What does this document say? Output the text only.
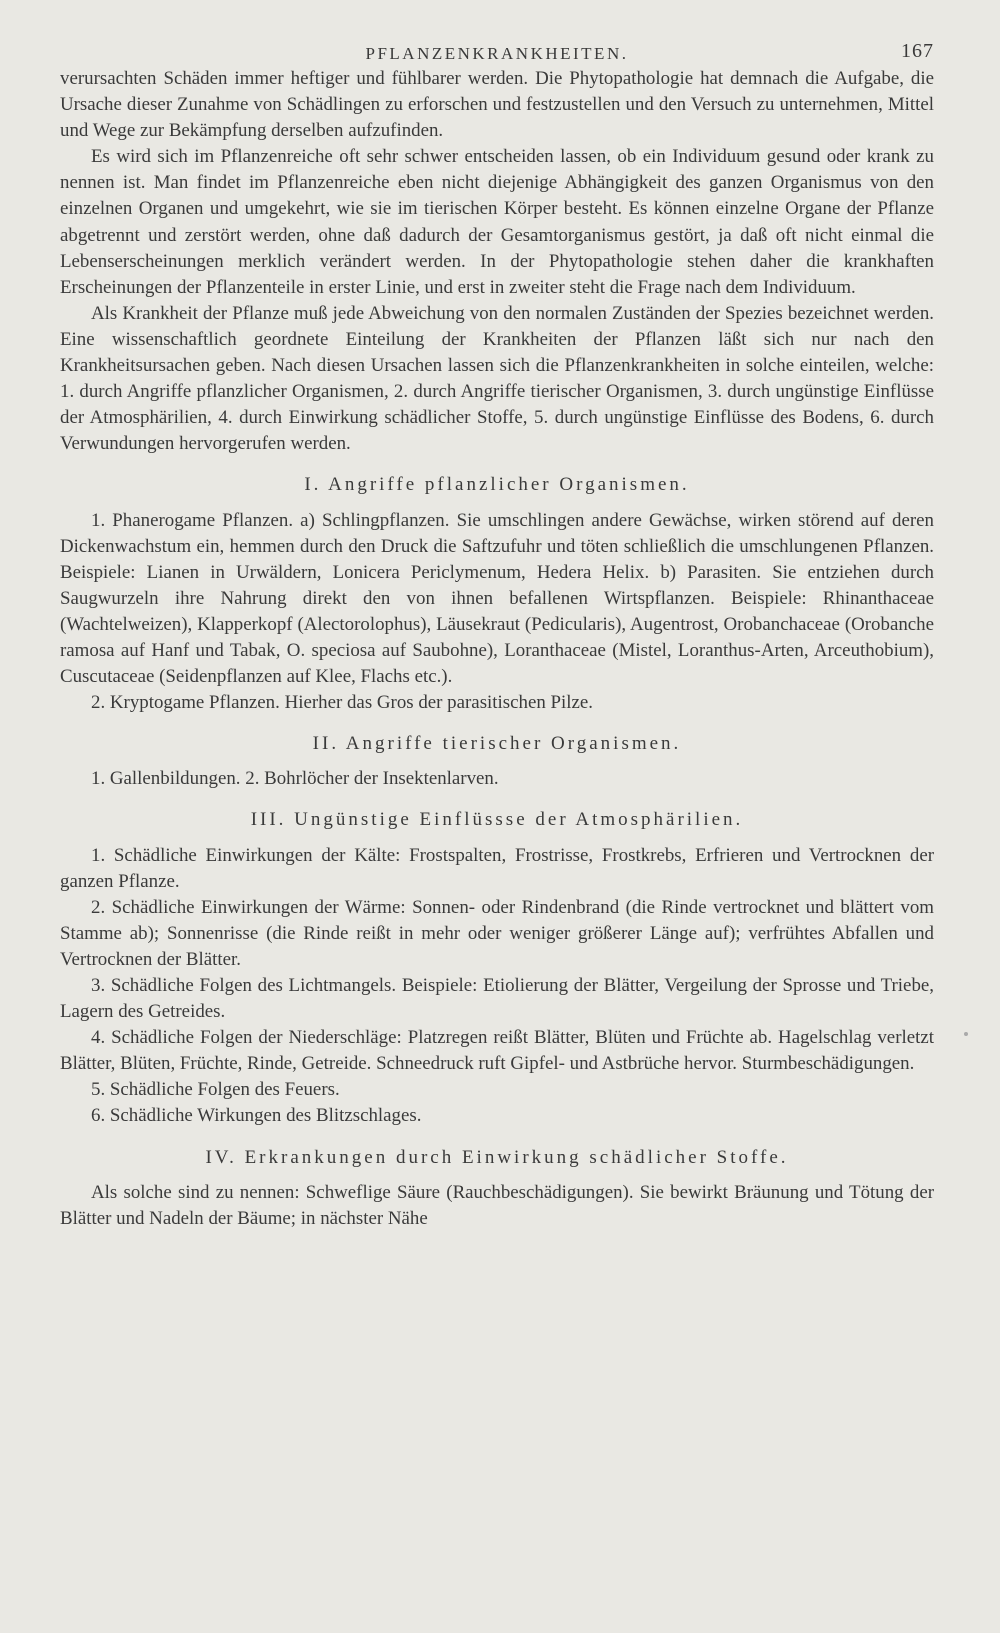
PFLANZENKRANKHEITEN.	167

verursachten Schäden immer heftiger und fühlbarer werden. Die Phytopathologie hat demnach die Aufgabe, die Ursache dieser Zunahme von Schädlingen zu erforschen und festzustellen und den Versuch zu unternehmen, Mittel und Wege zur Bekämpfung derselben aufzufinden.

Es wird sich im Pflanzenreiche oft sehr schwer entscheiden lassen, ob ein Individuum gesund oder krank zu nennen ist. Man findet im Pflanzenreiche eben nicht diejenige Abhängigkeit des ganzen Organismus von den einzelnen Organen und umgekehrt, wie sie im tierischen Körper besteht. Es können einzelne Organe der Pflanze abgetrennt und zerstört werden, ohne daß dadurch der Gesamtorganismus gestört, ja daß oft nicht einmal die Lebenserscheinungen merklich verändert werden. In der Phytopathologie stehen daher die krankhaften Erscheinungen der Pflanzenteile in erster Linie, und erst in zweiter steht die Frage nach dem Individuum.

Als Krankheit der Pflanze muß jede Abweichung von den normalen Zuständen der Spezies bezeichnet werden. Eine wissenschaftlich geordnete Einteilung der Krankheiten der Pflanzen läßt sich nur nach den Krankheitsursachen geben. Nach diesen Ursachen lassen sich die Pflanzenkrankheiten in solche einteilen, welche: 1. durch Angriffe pflanzlicher Organismen, 2. durch Angriffe tierischer Organismen, 3. durch ungünstige Einflüsse der Atmosphärilien, 4. durch Einwirkung schädlicher Stoffe, 5. durch ungünstige Einflüsse des Bodens, 6. durch Verwundungen hervorgerufen werden.

I. Angriffe pflanzlicher Organismen.

1. Phanerogame Pflanzen. a) Schlingpflanzen. Sie umschlingen andere Gewächse, wirken störend auf deren Dickenwachstum ein, hemmen durch den Druck die Saftzufuhr und töten schließlich die umschlungenen Pflanzen. Beispiele: Lianen in Urwäldern, Lonicera Periclymenum, Hedera Helix. b) Parasiten. Sie entziehen durch Saugwurzeln ihre Nahrung direkt den von ihnen befallenen Wirtspflanzen. Beispiele: Rhinanthaceae (Wachtelweizen), Klapperkopf (Alectorolophus), Läusekraut (Pedicularis), Augentrost, Orobanchaceae (Orobanche ramosa auf Hanf und Tabak, O. speciosa auf Saubohne), Loranthaceae (Mistel, Loranthus-Arten, Arceuthobium), Cuscutaceae (Seidenpflanzen auf Klee, Flachs etc.).

2. Kryptogame Pflanzen. Hierher das Gros der parasitischen Pilze.

II. Angriffe tierischer Organismen.

1. Gallenbildungen. 2. Bohrlöcher der Insektenlarven.

III. Ungünstige Einflüssse der Atmosphärilien.

1. Schädliche Einwirkungen der Kälte: Frostspalten, Frostrisse, Frostkrebs, Erfrieren und Vertrocknen der ganzen Pflanze.

2. Schädliche Einwirkungen der Wärme: Sonnen- oder Rindenbrand (die Rinde vertrocknet und blättert vom Stamme ab); Sonnenrisse (die Rinde reißt in mehr oder weniger größerer Länge auf); verfrühtes Abfallen und Vertrocknen der Blätter.

3. Schädliche Folgen des Lichtmangels. Beispiele: Etiolierung der Blätter, Vergeilung der Sprosse und Triebe, Lagern des Getreides.

4. Schädliche Folgen der Niederschläge: Platzregen reißt Blätter, Blüten und Früchte ab. Hagelschlag verletzt Blätter, Blüten, Früchte, Rinde, Getreide. Schneedruck ruft Gipfel- und Astbrüche hervor. Sturmbeschädigungen.

5. Schädliche Folgen des Feuers.

6. Schädliche Wirkungen des Blitzschlages.

IV. Erkrankungen durch Einwirkung schädlicher Stoffe.

Als solche sind zu nennen: Schweflige Säure (Rauchbeschädigungen). Sie bewirkt Bräunung und Tötung der Blätter und Nadeln der Bäume; in nächster Nähe
